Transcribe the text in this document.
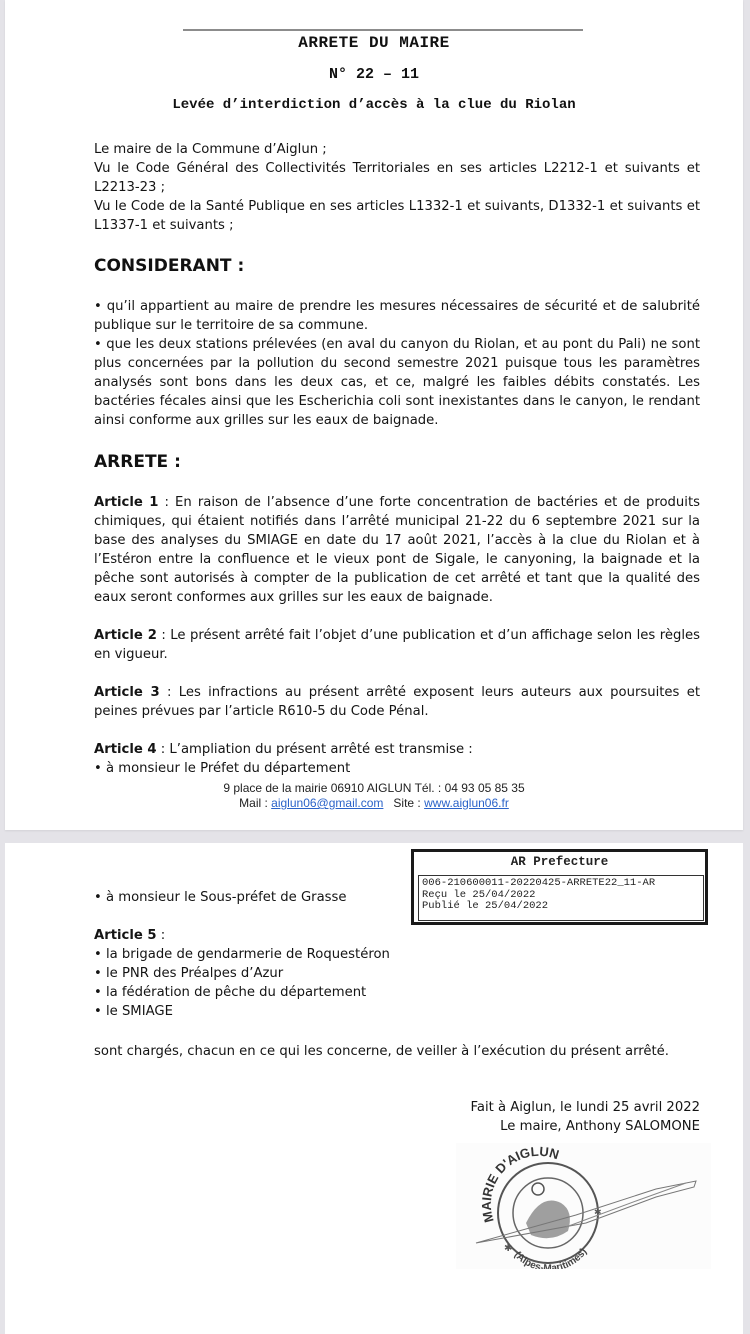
ARRETE DU MAIRE
N° 22 – 11
Levée d’interdiction d’accès à la clue du Riolan
Le maire de la Commune d’Aiglun ;
Vu le Code Général des Collectivités Territoriales en ses articles L2212-1 et suivants et L2213-23 ;
Vu le Code de la Santé Publique en ses articles L1332-1 et suivants, D1332-1 et suivants et L1337-1 et suivants ;
CONSIDERANT :
• qu’il appartient au maire de prendre les mesures nécessaires de sécurité et de salubrité publique sur le territoire de sa commune.
• que les deux stations prélevées (en aval du canyon du Riolan, et au pont du Pali) ne sont plus concernées par la pollution du second semestre 2021 puisque tous les paramètres analysés sont bons dans les deux cas, et ce, malgré les faibles débits constatés. Les bactéries fécales ainsi que les Escherichia coli sont inexistantes dans le canyon, le rendant ainsi conforme aux grilles sur les eaux de baignade.
ARRETE :
Article 1 : En raison de l’absence d’une forte concentration de bactéries et de produits chimiques, qui étaient notifiés dans l’arrêté municipal 21-22 du 6 septembre 2021 sur la base des analyses du SMIAGE en date du 17 août 2021, l’accès à la clue du Riolan et à l’Estéron entre la confluence et le vieux pont de Sigale, le canyoning, la baignade et la pêche sont autorisés à compter de la publication de cet arrêté et tant que la qualité des eaux seront conformes aux grilles sur les eaux de baignade.
Article 2 : Le présent arrêté fait l’objet d’une publication et d’un affichage selon les règles en vigueur.
Article 3 : Les infractions au présent arrêté exposent leurs auteurs aux poursuites et peines prévues par l’article R610-5 du Code Pénal.
Article 4 : L’ampliation du présent arrêté est transmise :
• à monsieur le Préfet du département
9 place de la mairie 06910 AIGLUN Tél. : 04 93 05 85 35
Mail : aiglun06@gmail.com   Site : www.aiglun06.fr
AR Prefecture
006-210600011-20220425-ARRETE22_11-AR
Reçu le 25/04/2022
Publié le 25/04/2022
• à monsieur le Sous-préfet de Grasse
Article 5 :
• la brigade de gendarmerie de Roquestéron
• le PNR des Préalpes d’Azur
• la fédération de pêche du département
• le SMIAGE
sont chargés, chacun en ce qui les concerne, de veiller à l’exécution du présent arrêté.
Fait à Aiglun, le lundi 25 avril 2022
Le maire, Anthony SALOMONE
MAIRIE D'AIGLUN
(Alpes-Maritimes)
✱
✱
